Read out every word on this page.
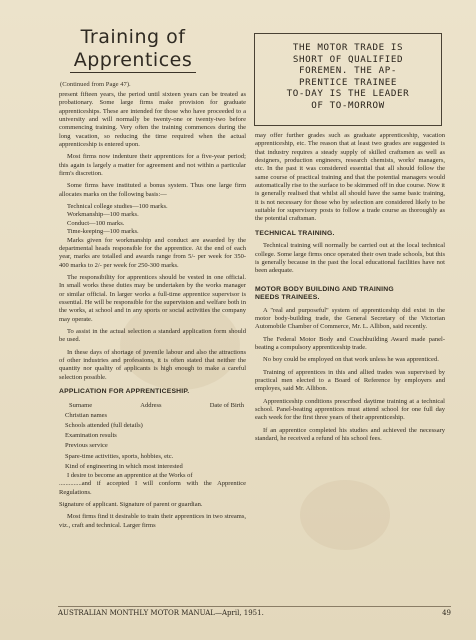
Training of
Apprentices
(Continued from Page 47).

THE MOTOR TRADE IS

SHORT OF QUALIFIED

FOREMEN. THE AP-

PRENTICE TRAINEE

TO-DAY IS THE LEADER

OF TO-MORROW

present fifteen years, the period until sixteen years can be treated as probationary. Some large firms make provision for graduate apprenticeships. These are intended for those who have proceeded to a university and will normally be twenty-one or twenty-two before commencing training. Very often the training commences during the long vacation, so reducing the time required when the actual apprenticeship is entered upon.

Most firms now indenture their apprentices for a five-year period; this again is largely a matter for agreement and not within a particular firm's discretion.

Some firms have instituted a bonus system. Thus one large firm allocates marks on the following basis:—

Technical college studies—100 marks.
Workmanship—100 marks.
Conduct—100 marks.
Time-keeping—100 marks.

Marks given for workmanship and conduct are awarded by the departmental heads responsible for the apprentice. At the end of each year, marks are totalled and awards range from 5/- per week for 350-400 marks to 2/- per week for 250-300 marks.

The responsibility for apprentices should be vested in one official. In small works these duties may be undertaken by the works manager or similar official. In larger works a full-time apprentice supervisor is essential. He will be responsible for the supervision and welfare both in the works, at school and in any sports or social activities the company may operate.

To assist in the actual selection a standard application form should be used.

In these days of shortage of juvenile labour and also the attractions of other industries and professions, it is often stated that neither the quantity nor quality of applicants is high enough to make a careful selection possible.

APPLICATION FOR APPRENTICESHIP.
Surname	Address	Date of Birth
Christian names
Schools attended (full details)
Examination results
Previous service
Spare-time activities, sports, hobbies, etc.
Kind of engineering in which most interested

I desire to become an apprentice at the Works of

..............and if accepted I will conform with the Apprentice Regulations.

Signature of applicant. Signature of parent or guardian.

Most firms find it desirable to train their apprentices in two streams, viz., craft and technical. Larger firms

may offer further grades such as graduate apprenticeship, vacation apprenticeship, etc. The reason that at least two grades are suggested is that industry requires a steady supply of skilled craftsmen as well as designers, production engineers, research chemists, works' managers, etc. In the past it was considered essential that all should follow the same course of practical training and that the potential managers would automatically rise to the surface to be skimmed off in due course. Now it is generally realised that whilst all should have the same basic training, it is not necessary for those who by selection are considered likely to be suitable for supervisory posts to follow a trade course as thoroughly as the potential craftsman.

TECHNICAL TRAINING.

Technical training will normally be carried out at the local technical college. Some large firms once operated their own trade schools, but this is generally because in the past the local educational facilities have not been adequate.

MOTOR BODY BUILDING AND TRAINING
NEEDS TRAINEES.

A "real and purposeful" system of apprenticeship did exist in the motor body-building trade, the General Secretary of the Victorian Automobile Chamber of Commerce, Mr. L. Allibon, said recently.

The Federal Motor Body and Coachbuilding Award made panel-beating a compulsory apprenticeship trade.

No boy could be employed on that work unless he was apprenticed.

Training of apprentices in this and allied trades was supervised by practical men elected to a Board of Reference by employers and employes, said Mr. Allibon.

Apprenticeship conditions prescribed daytime training at a technical school. Panel-beating apprentices must attend school for one full day each week for the first three years of their apprenticeship.

If an apprentice completed his studies and achieved the necessary standard, he received a refund of his school fees.

AUSTRALIAN MONTHLY MOTOR MANUAL—April, 1951.	49
